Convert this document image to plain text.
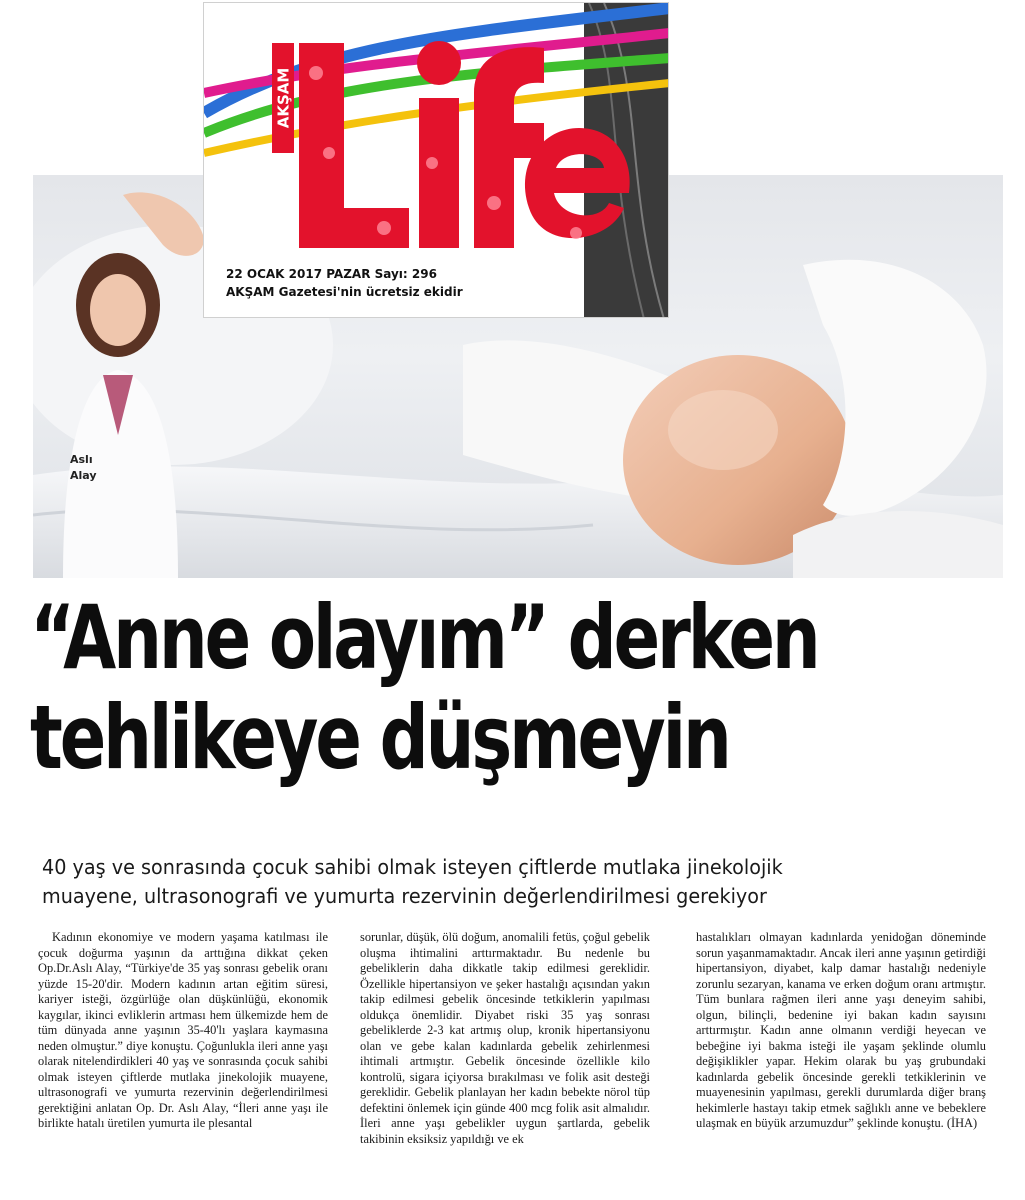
Aslı
Alay
AKŞAM
22 OCAK 2017 PAZAR Sayı: 296
AKŞAM Gazetesi'nin ücretsiz ekidir
“Anne olayım” derken
tehlikeye düşmeyin
40 yaş ve sonrasında çocuk sahibi olmak isteyen çiftlerde mutlaka jinekolojik
muayene, ultrasonografi ve yumurta rezervinin değerlendirilmesi gerekiyor

Kadının ekonomiye ve modern yaşama katılması ile çocuk doğurma yaşının da arttığına dikkat çeken Op.Dr.Aslı Alay, “Türkiye'de 35 yaş sonrası gebelik oranı yüzde 15-20'dir. Modern kadının artan eğitim süresi, kariyer isteği, özgürlüğe olan düşkünlüğü, ekonomik kaygılar, ikinci evliklerin artması hem ülkemizde hem de tüm dünyada anne yaşının 35-40'lı yaşlara kaymasına neden olmuştur.” diye konuştu. Çoğunlukla ileri anne yaşı olarak nitelendirdikleri 40 yaş ve sonrasında çocuk sahibi olmak isteyen çiftlerde mutlaka jinekolojik muayene, ultrasonografi ve yumurta rezervinin değerlendirilmesi gerektiğini anlatan Op. Dr. Aslı Alay, “İleri anne yaşı ile birlikte hatalı üretilen yumurta ile plesantal

sorunlar, düşük, ölü doğum, anomalili fetüs, çoğul gebelik oluşma ihtimalini arttırmaktadır. Bu nedenle bu gebeliklerin daha dikkatle takip edilmesi gereklidir. Özellikle hipertansiyon ve şeker hastalığı açısından yakın takip edilmesi gebelik öncesinde tetkiklerin yapılması oldukça önemlidir. Diyabet riski 35 yaş sonrası gebeliklerde 2-3 kat artmış olup, kronik hipertansiyonu olan ve gebe kalan kadınlarda gebelik zehirlenmesi ihtimali artmıştır. Gebelik öncesinde özellikle kilo kontrolü, sigara içiyorsa bırakılması ve folik asit desteği gereklidir. Gebelik planlayan her kadın bebekte nörol tüp defektini önlemek için günde 400 mcg folik asit almalıdır. İleri anne yaşı gebelikler uygun şartlarda, gebelik takibinin eksiksiz yapıldığı ve ek

hastalıkları olmayan kadınlarda yenidoğan döneminde sorun yaşanmamaktadır. Ancak ileri anne yaşının getirdiği hipertansiyon, diyabet, kalp damar hastalığı nedeniyle zorunlu sezaryan, kanama ve erken doğum oranı artmıştır. Tüm bunlara rağmen ileri anne yaşı deneyim sahibi, olgun, bilinçli, bedenine iyi bakan kadın sayısını arttırmıştır. Kadın anne olmanın verdiği heyecan ve bebeğine iyi bakma isteği ile yaşam şeklinde olumlu değişiklikler yapar. Hekim olarak bu yaş grubundaki kadınlarda gebelik öncesinde gerekli tetkiklerinin ve muayenesinin yapılması, gerekli durumlarda diğer branş hekimlerle hastayı takip etmek sağlıklı anne ve bebeklere ulaşmak en büyük arzumuzdur” şeklinde konuştu. (İHA)
